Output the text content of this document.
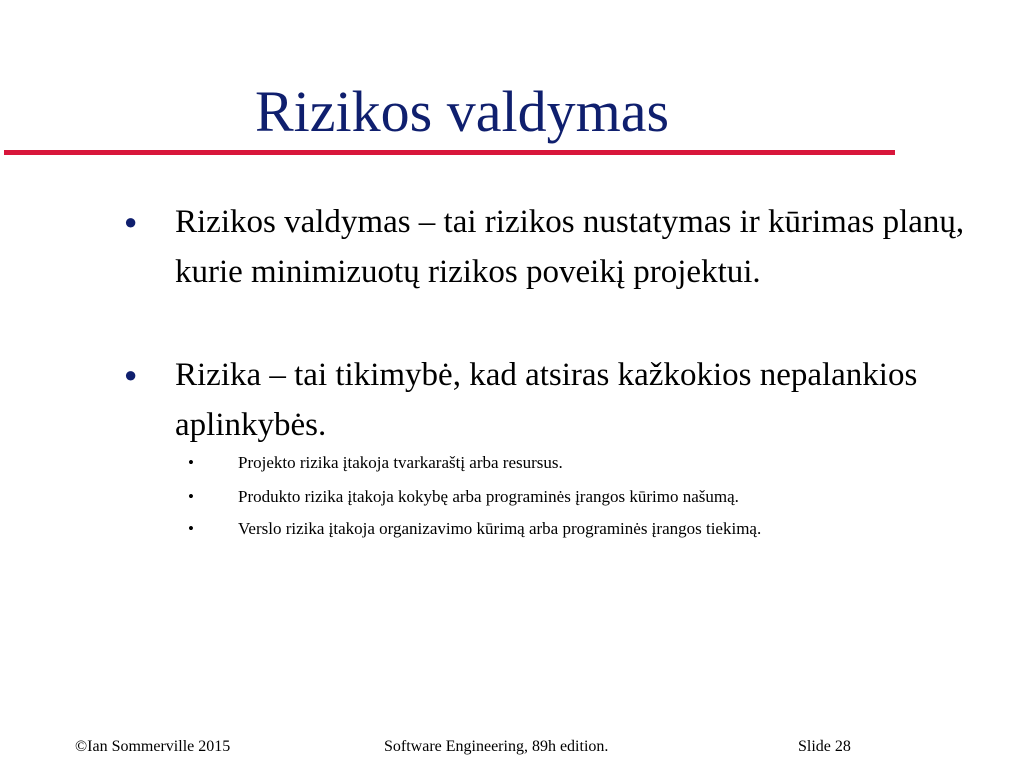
Rizikos valdymas
● Rizikos valdymas – tai rizikos nustatymas ir kūrimas planų, kurie minimizuotų rizikos poveikį projektui.
● Rizika – tai tikimybė, kad atsiras kažkokios nepalankios aplinkybės.
•	Projekto rizika įtakoja tvarkaraštį arba resursus.
•	Produkto rizika įtakoja kokybę arba programinės įrangos kūrimo našumą.
•	Verslo rizika įtakoja organizavimo kūrimą arba programinės įrangos tiekimą.
©Ian Sommerville 2015	Software Engineering, 89h edition.	Slide 28
